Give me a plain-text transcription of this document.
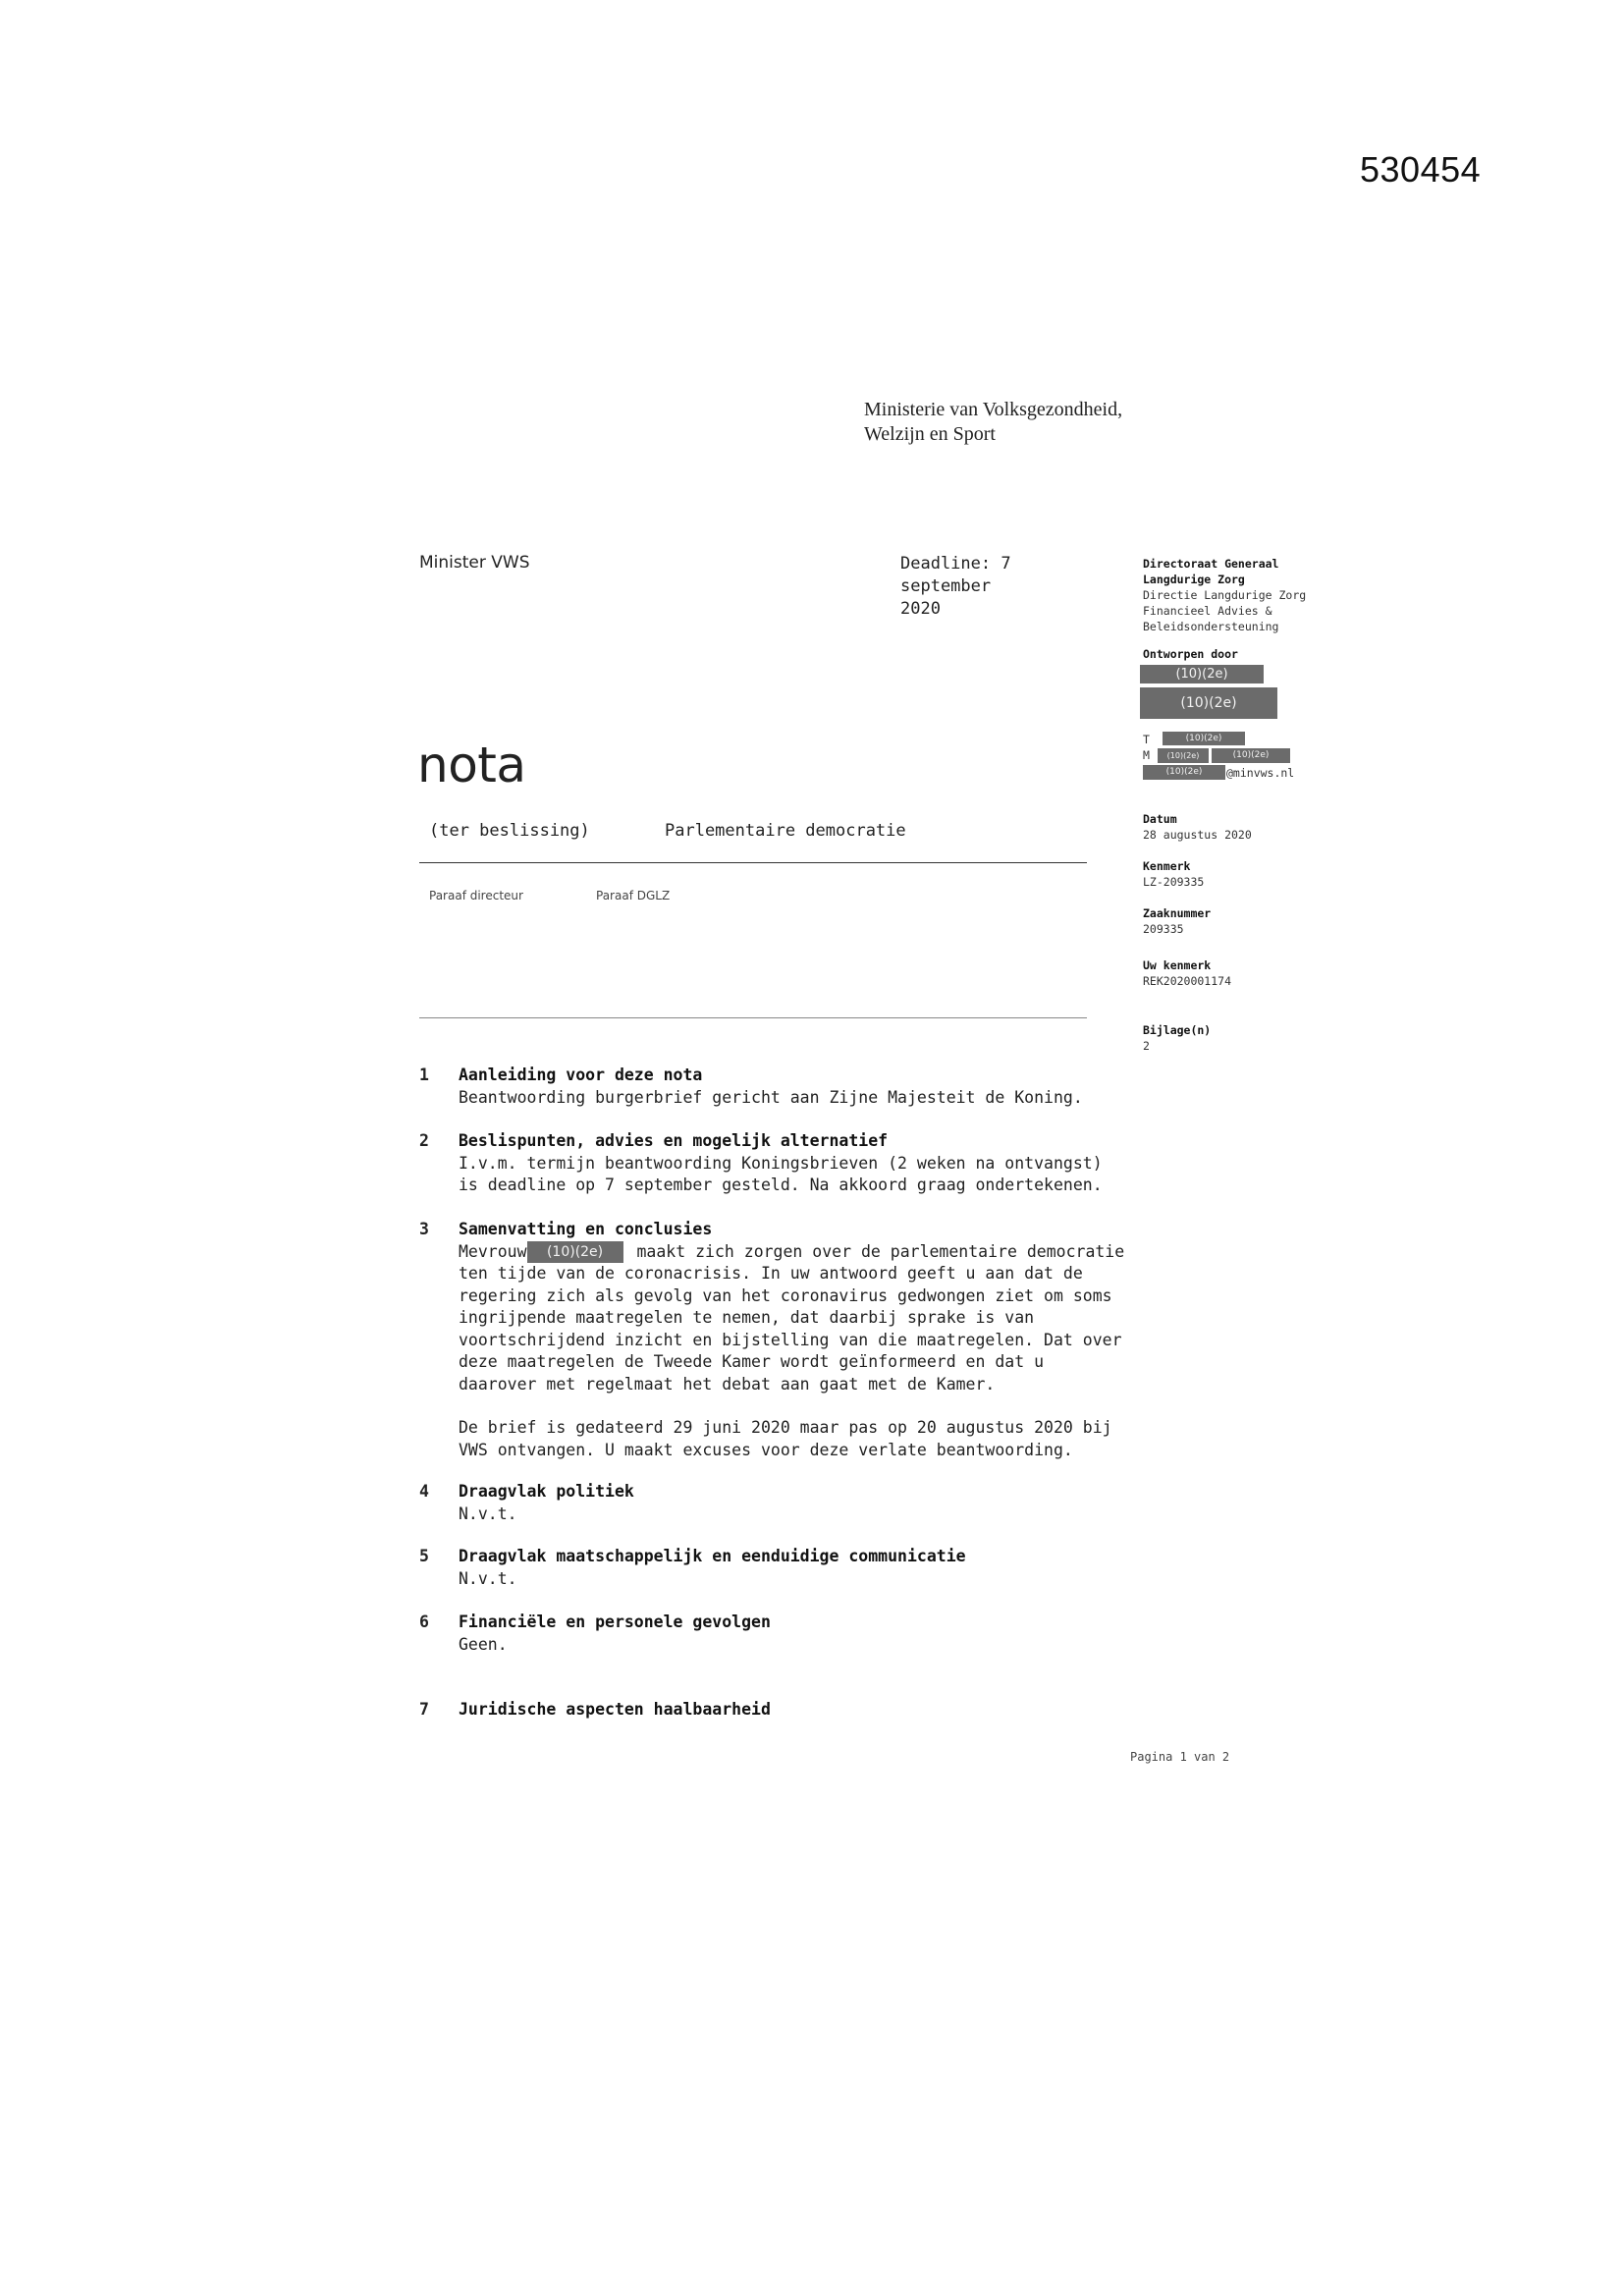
530454
Ministerie van Volksgezondheid,
Welzijn en Sport
Minister VWS	Deadline: 7 september
2020
nota
(ter beslissing)	Parlementaire democratie
Paraaf directeur	Paraaf DGLZ
Directoraat Generaal
Langdurige Zorg
Directie Langdurige Zorg
Financieel Advies &
Beleidsondersteuning
Ontworpen door
(10)(2e)
(10)(2e)
T	(10)(2e)
M	(10)(2e)	(10)(2e)
(10)(2e)	@minvws.nl
Datum
28 augustus 2020
Kenmerk
LZ-209335
Zaaknummer
209335
Uw kenmerk
REK2020001174
Bijlage(n)
2
1 Aanleiding voor deze nota
Beantwoording burgerbrief gericht aan Zijne Majesteit de Koning.
2 Beslispunten, advies en mogelijk alternatief
I.v.m. termijn beantwoording Koningsbrieven (2 weken na ontvangst) is deadline op 7 september gesteld. Na akkoord graag ondertekenen.
3 Samenvatting en conclusies

Mevrouw (10)(2e) maakt zich zorgen over de parlementaire democratie ten tijde van de coronacrisis. In uw antwoord geeft u aan dat de regering zich als gevolg van het coronavirus gedwongen ziet om soms ingrijpende maatregelen te nemen, dat daarbij sprake is van voortschrijdend inzicht en bijstelling van die maatregelen. Dat over deze maatregelen de Tweede Kamer wordt geïnformeerd en dat u daarover met regelmaat het debat aan gaat met de Kamer.

De brief is gedateerd 29 juni 2020 maar pas op 20 augustus 2020 bij VWS ontvangen. U maakt excuses voor deze verlate beantwoording.

4 Draagvlak politiek
N.v.t.
5 Draagvlak maatschappelijk en eenduidige communicatie
N.v.t.
6 Financiële en personele gevolgen
Geen.
7 Juridische aspecten haalbaarheid
Pagina 1 van 2
